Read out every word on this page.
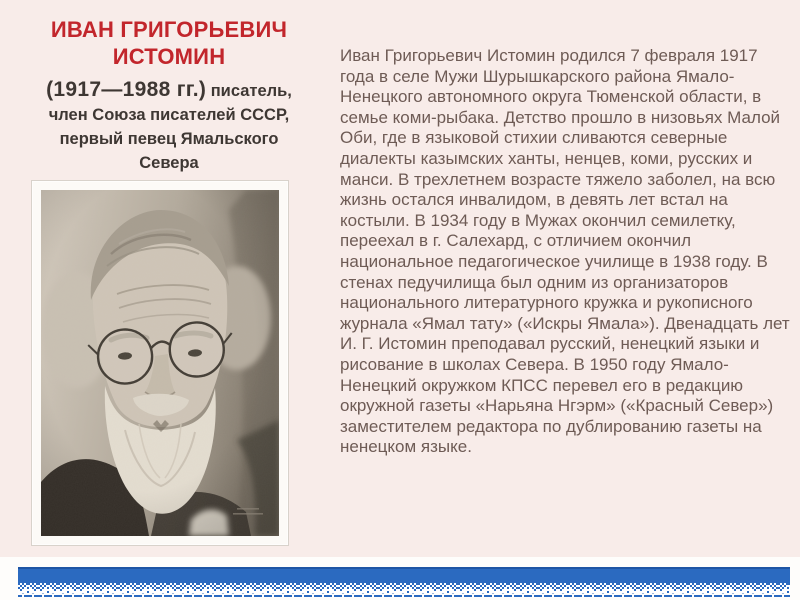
ИВАН ГРИГОРЬЕВИЧ
ИСТОМИН
(1917—1988 гг.) писатель,
член Союза писателей СССР,
первый певец Ямальского
Севера
Иван Григорьевич Истомин родился 7 февраля 1917 года в селе Мужи Шурышкарского района Ямало-Ненецкого автономного округа Тюменской области, в семье коми-рыбака. Детство прошло в низовьях Малой Оби, где в языковой стихии сливаются северные диалекты казымских ханты, ненцев, коми, русских и манси. В трехлетнем возрасте тяжело заболел, на всю жизнь остался инвалидом, в девять лет встал на костыли. В 1934 году в Мужах окончил семилетку, переехал в г. Салехард, с отличием окончил национальное педагогическое училище в 1938 году. В стенах педучилища был одним из организаторов национального литературного кружка и рукописного журнала «Ямал тату» («Искры Ямала»). Двенадцать лет И. Г. Истомин преподавал русский, ненецкий языки и рисование в школах Севера. В 1950 году Ямало-Ненецкий окружком КПСС перевел его в редакцию окружной газеты «Нарьяна Нгэрм» («Красный Север») заместителем редактора по дублированию газеты на ненецком языке.
